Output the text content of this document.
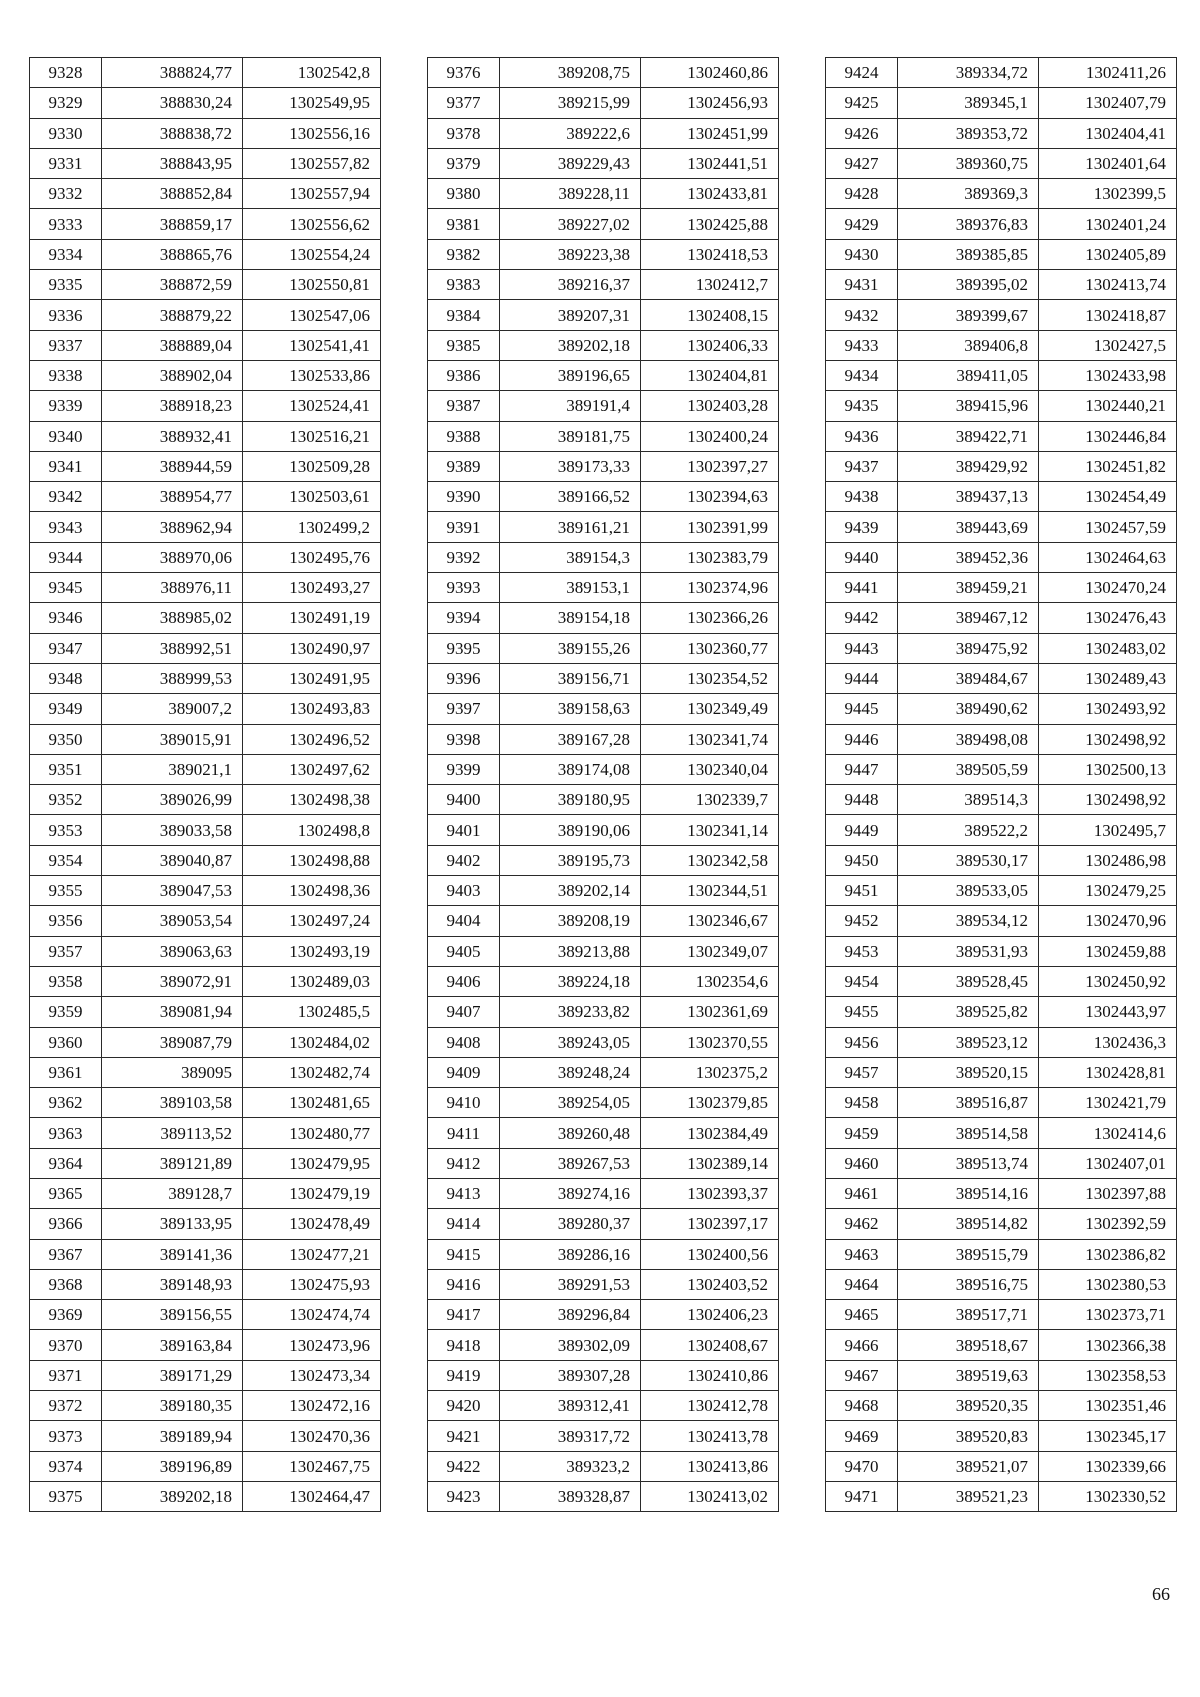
9328	388824,77	1302542,8
9329	388830,24	1302549,95
9330	388838,72	1302556,16
9331	388843,95	1302557,82
9332	388852,84	1302557,94
9333	388859,17	1302556,62
9334	388865,76	1302554,24
9335	388872,59	1302550,81
9336	388879,22	1302547,06
9337	388889,04	1302541,41
9338	388902,04	1302533,86
9339	388918,23	1302524,41
9340	388932,41	1302516,21
9341	388944,59	1302509,28
9342	388954,77	1302503,61
9343	388962,94	1302499,2
9344	388970,06	1302495,76
9345	388976,11	1302493,27
9346	388985,02	1302491,19
9347	388992,51	1302490,97
9348	388999,53	1302491,95
9349	389007,2	1302493,83
9350	389015,91	1302496,52
9351	389021,1	1302497,62
9352	389026,99	1302498,38
9353	389033,58	1302498,8
9354	389040,87	1302498,88
9355	389047,53	1302498,36
9356	389053,54	1302497,24
9357	389063,63	1302493,19
9358	389072,91	1302489,03
9359	389081,94	1302485,5
9360	389087,79	1302484,02
9361	389095	1302482,74
9362	389103,58	1302481,65
9363	389113,52	1302480,77
9364	389121,89	1302479,95
9365	389128,7	1302479,19
9366	389133,95	1302478,49
9367	389141,36	1302477,21
9368	389148,93	1302475,93
9369	389156,55	1302474,74
9370	389163,84	1302473,96
9371	389171,29	1302473,34
9372	389180,35	1302472,16
9373	389189,94	1302470,36
9374	389196,89	1302467,75
9375	389202,18	1302464,47
9376	389208,75	1302460,86
9377	389215,99	1302456,93
9378	389222,6	1302451,99
9379	389229,43	1302441,51
9380	389228,11	1302433,81
9381	389227,02	1302425,88
9382	389223,38	1302418,53
9383	389216,37	1302412,7
9384	389207,31	1302408,15
9385	389202,18	1302406,33
9386	389196,65	1302404,81
9387	389191,4	1302403,28
9388	389181,75	1302400,24
9389	389173,33	1302397,27
9390	389166,52	1302394,63
9391	389161,21	1302391,99
9392	389154,3	1302383,79
9393	389153,1	1302374,96
9394	389154,18	1302366,26
9395	389155,26	1302360,77
9396	389156,71	1302354,52
9397	389158,63	1302349,49
9398	389167,28	1302341,74
9399	389174,08	1302340,04
9400	389180,95	1302339,7
9401	389190,06	1302341,14
9402	389195,73	1302342,58
9403	389202,14	1302344,51
9404	389208,19	1302346,67
9405	389213,88	1302349,07
9406	389224,18	1302354,6
9407	389233,82	1302361,69
9408	389243,05	1302370,55
9409	389248,24	1302375,2
9410	389254,05	1302379,85
9411	389260,48	1302384,49
9412	389267,53	1302389,14
9413	389274,16	1302393,37
9414	389280,37	1302397,17
9415	389286,16	1302400,56
9416	389291,53	1302403,52
9417	389296,84	1302406,23
9418	389302,09	1302408,67
9419	389307,28	1302410,86
9420	389312,41	1302412,78
9421	389317,72	1302413,78
9422	389323,2	1302413,86
9423	389328,87	1302413,02
9424	389334,72	1302411,26
9425	389345,1	1302407,79
9426	389353,72	1302404,41
9427	389360,75	1302401,64
9428	389369,3	1302399,5
9429	389376,83	1302401,24
9430	389385,85	1302405,89
9431	389395,02	1302413,74
9432	389399,67	1302418,87
9433	389406,8	1302427,5
9434	389411,05	1302433,98
9435	389415,96	1302440,21
9436	389422,71	1302446,84
9437	389429,92	1302451,82
9438	389437,13	1302454,49
9439	389443,69	1302457,59
9440	389452,36	1302464,63
9441	389459,21	1302470,24
9442	389467,12	1302476,43
9443	389475,92	1302483,02
9444	389484,67	1302489,43
9445	389490,62	1302493,92
9446	389498,08	1302498,92
9447	389505,59	1302500,13
9448	389514,3	1302498,92
9449	389522,2	1302495,7
9450	389530,17	1302486,98
9451	389533,05	1302479,25
9452	389534,12	1302470,96
9453	389531,93	1302459,88
9454	389528,45	1302450,92
9455	389525,82	1302443,97
9456	389523,12	1302436,3
9457	389520,15	1302428,81
9458	389516,87	1302421,79
9459	389514,58	1302414,6
9460	389513,74	1302407,01
9461	389514,16	1302397,88
9462	389514,82	1302392,59
9463	389515,79	1302386,82
9464	389516,75	1302380,53
9465	389517,71	1302373,71
9466	389518,67	1302366,38
9467	389519,63	1302358,53
9468	389520,35	1302351,46
9469	389520,83	1302345,17
9470	389521,07	1302339,66
9471	389521,23	1302330,52
66
